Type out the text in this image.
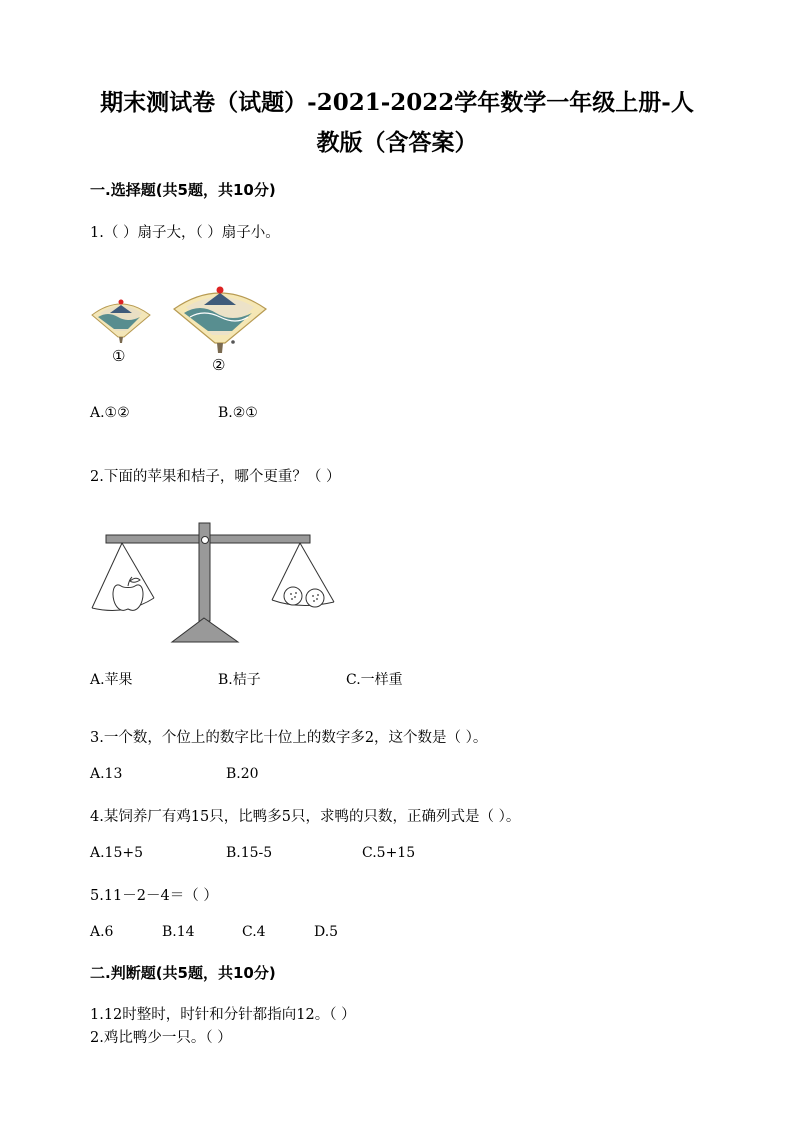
期末测试卷（试题）-2021-2022学年数学一年级上册-人
教版（含答案）
一.选择题(共5题，共10分)
1.（ ）扇子大，（ ）扇子小。
①	②
A.①②	B.②①
2.下面的苹果和桔子，哪个更重？（ ）
A.苹果	B.桔子	C.一样重
3.一个数，个位上的数字比十位上的数字多2，这个数是（ ）。
A.13	B.20
4.某饲养厂有鸡15只，比鸭多5只，求鸭的只数，正确列式是（ ）。
A.15+5	B.15-5	C.5+15
5.11－2－4＝（ ）
A.6	B.14	C.4	D.5
二.判断题(共5题，共10分)
1.12时整时，时针和分针都指向12。（ ）
2.鸡比鸭少一只。（ ）
